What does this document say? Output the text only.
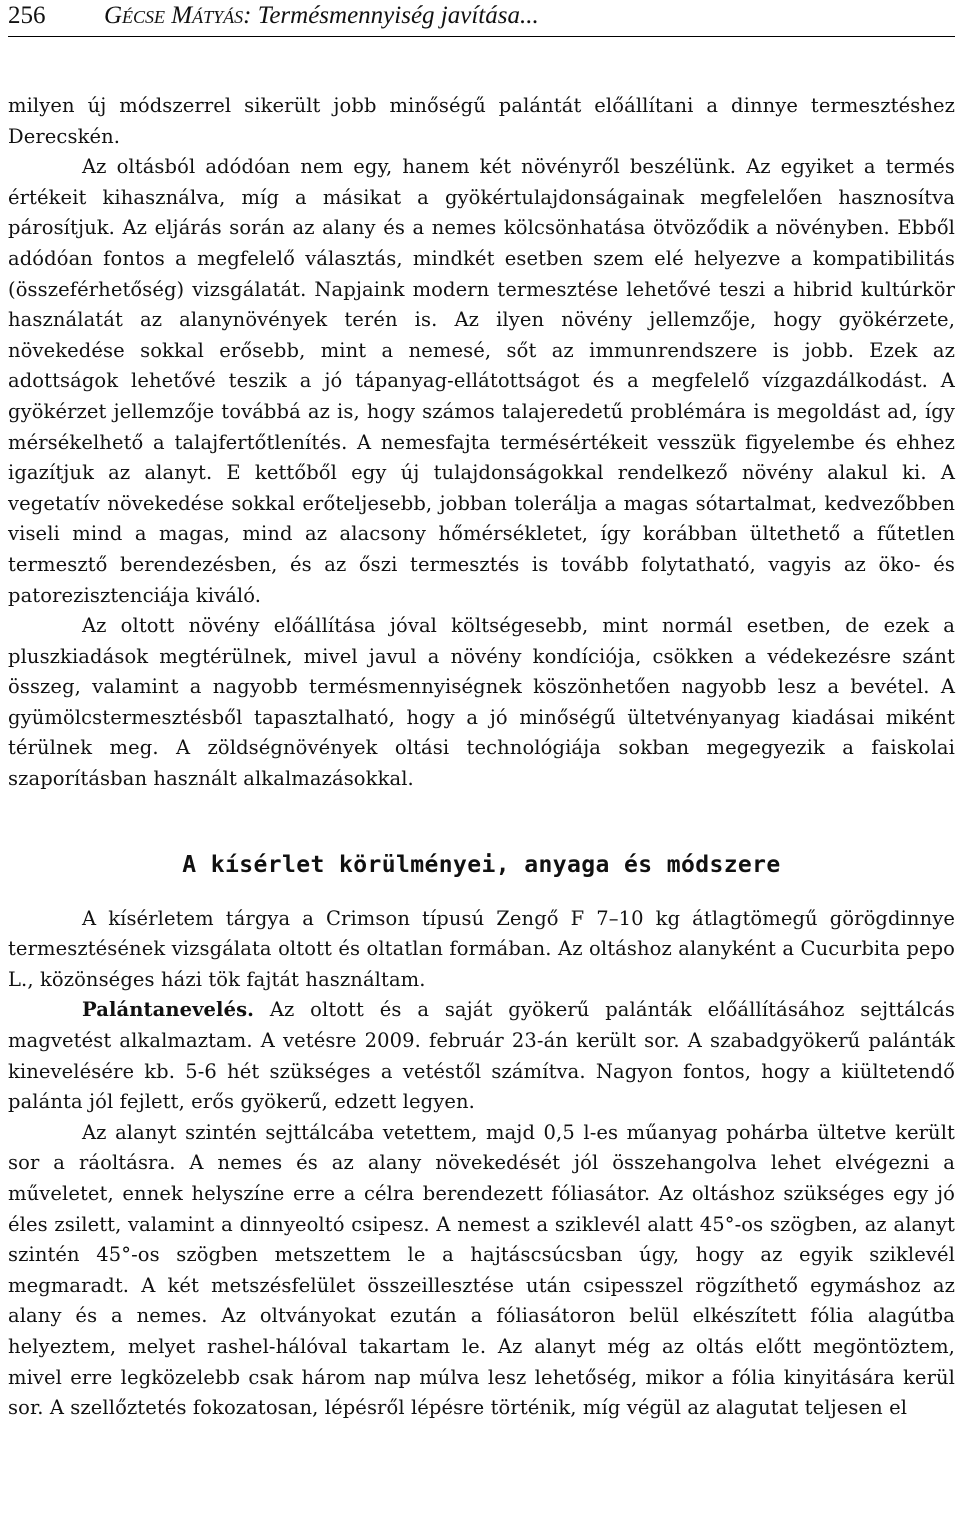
256	Gécse Mátyás: Termésmennyiség javítása...

milyen új módszerrel sikerült jobb minőségű palántát előállítani a dinnye termesztéshez Derecskén.

Az oltásból adódóan nem egy, hanem két növényről beszélünk. Az egyiket a termés értékeit kihasználva, míg a másikat a gyökértulajdonságainak megfelelően hasznosítva párosítjuk. Az eljárás során az alany és a nemes kölcsönhatása ötvöződik a növényben. Ebből adódóan fontos a megfelelő választás, mindkét esetben szem elé helyezve a kompatibilitás (összeférhetőség) vizsgálatát. Napjaink modern termesztése lehetővé teszi a hibrid kultúrkör használatát az alanynövények terén is. Az ilyen növény jellemzője, hogy gyökérzete, növekedése sokkal erősebb, mint a nemesé, sőt az immunrendszere is jobb. Ezek az adottságok lehetővé teszik a jó tápanyag-ellátottságot és a megfelelő vízgazdálkodást. A gyökérzet jellemzője továbbá az is, hogy számos talajeredetű problémára is megoldást ad, így mérsékelhető a talajfertőtlenítés. A nemesfajta termésértékeit vesszük figyelembe és ehhez igazítjuk az alanyt. E kettőből egy új tulajdonságokkal rendelkező növény alakul ki. A vegetatív növekedése sokkal erőteljesebb, jobban tolerálja a magas sótartalmat, kedvezőbben viseli mind a magas, mind az alacsony hőmérsékletet, így korábban ültethető a fűtetlen termesztő berendezésben, és az őszi termesztés is tovább folytatható, vagyis az öko- és patorezisztenciája kiváló.

Az oltott növény előállítása jóval költségesebb, mint normál esetben, de ezek a pluszkiadások megtérülnek, mivel javul a növény kondíciója, csökken a védekezésre szánt összeg, valamint a nagyobb termésmennyiségnek köszönhetően nagyobb lesz a bevétel. A gyümölcstermesztésből tapasztalható, hogy a jó minőségű ültetvényanyag kiadásai miként térülnek meg. A zöldségnövények oltási technológiája sokban megegyezik a faiskolai szaporításban használt alkalmazásokkal.

A kísérlet körülményei, anyaga és módszere

A kísérletem tárgya a Crimson típusú Zengő F 7–10 kg átlagtömegű görögdinnye termesztésének vizsgálata oltott és oltatlan formában. Az oltáshoz alanyként a Cucurbita pepo L., közönséges házi tök fajtát használtam.

Palántanevelés. Az oltott és a saját gyökerű palánták előállításához sejttálcás magvetést alkalmaztam. A vetésre 2009. február 23-án került sor. A szabadgyökerű palánták kinevelésére kb. 5-6 hét szükséges a vetéstől számítva. Nagyon fontos, hogy a kiültetendő palánta jól fejlett, erős gyökerű, edzett legyen.

Az alanyt szintén sejttálcába vetettem, majd 0,5 l-es műanyag pohárba ültetve került sor a ráoltásra. A nemes és az alany növekedését jól összehangolva lehet elvégezni a műveletet, ennek helyszíne erre a célra berendezett fóliasátor. Az oltáshoz szükséges egy jó éles zsilett, valamint a dinnyeoltó csipesz. A nemest a sziklevél alatt 45°-os szögben, az alanyt szintén 45°-os szögben metszettem le a hajtáscsúcsban úgy, hogy az egyik sziklevél megmaradt. A két metszésfelület összeillesztése után csipesszel rögzíthető egymáshoz az alany és a nemes. Az oltványokat ezután a fóliasátoron belül elkészített fólia alagútba helyeztem, melyet rashel-hálóval takartam le. Az alanyt még az oltás előtt megöntöztem, mivel erre legközelebb csak három nap múlva lesz lehetőség, mikor a fólia kinyitására kerül sor. A szellőztetés fokozatosan, lépésről lépésre történik, míg végül az alagutat teljesen el
